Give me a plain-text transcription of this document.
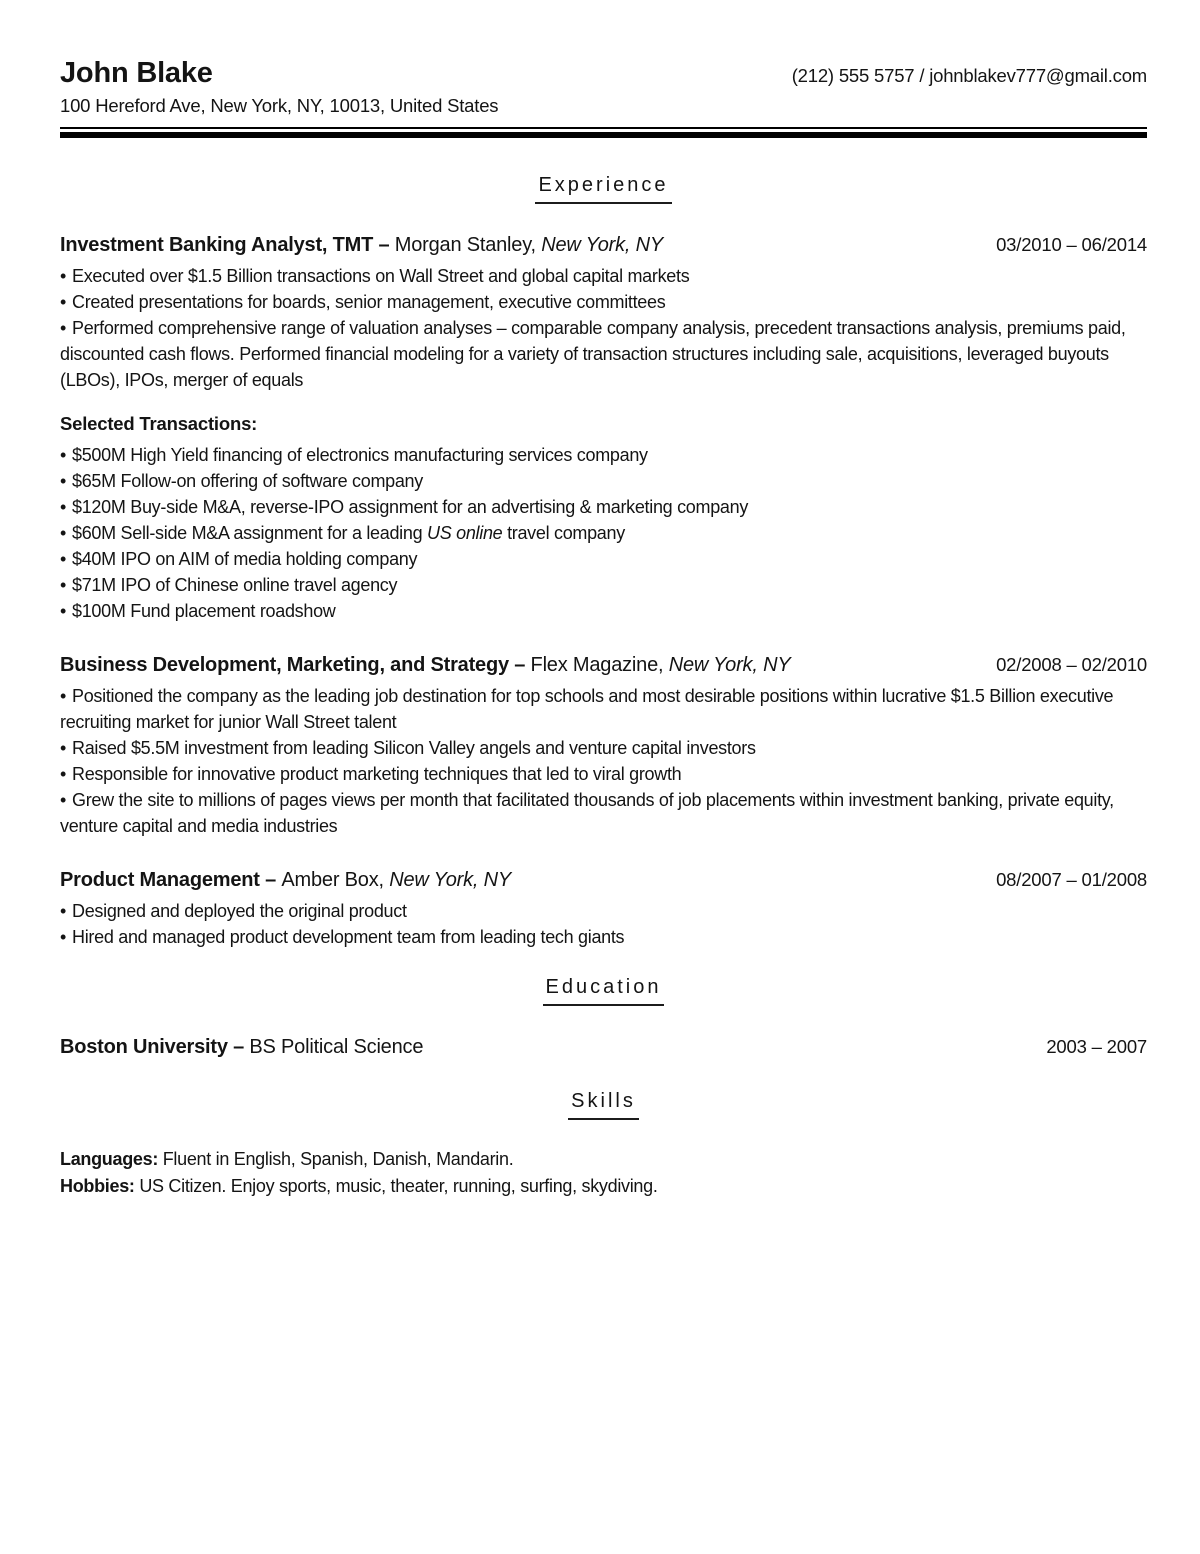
John Blake	(212) 555 5757 / johnblakev777@gmail.com
100 Hereford Ave, New York, NY, 10013, United States
Experience
Investment Banking Analyst, TMT – Morgan Stanley, New York, NY	03/2010 – 06/2014
• Executed over $1.5 Billion transactions on Wall Street and global capital markets
• Created presentations for boards, senior management, executive committees
• Performed comprehensive range of valuation analyses – comparable company analysis, precedent transactions analysis, premiums paid, discounted cash flows. Performed financial modeling for a variety of transaction structures including sale, acquisitions, leveraged buyouts (LBOs), IPOs, merger of equals
Selected Transactions:
• $500M High Yield financing of electronics manufacturing services company
• $65M Follow-on offering of software company
• $120M Buy-side M&A, reverse-IPO assignment for an advertising & marketing company
• $60M Sell-side M&A assignment for a leading US online travel company
• $40M IPO on AIM of media holding company
• $71M IPO of Chinese online travel agency
• $100M Fund placement roadshow
Business Development, Marketing, and Strategy – Flex Magazine, New York, NY	02/2008 – 02/2010
• Positioned the company as the leading job destination for top schools and most desirable positions within lucrative $1.5 Billion executive recruiting market for junior Wall Street talent
• Raised $5.5M investment from leading Silicon Valley angels and venture capital investors
• Responsible for innovative product marketing techniques that led to viral growth
• Grew the site to millions of pages views per month that facilitated thousands of job placements within investment banking, private equity, venture capital and media industries
Product Management – Amber Box, New York, NY	08/2007 – 01/2008
• Designed and deployed the original product
• Hired and managed product development team from leading tech giants
Education
Boston University – BS Political Science	2003 – 2007
Skills
Languages: Fluent in English, Spanish, Danish, Mandarin.
Hobbies: US Citizen. Enjoy sports, music, theater, running, surfing, skydiving.
